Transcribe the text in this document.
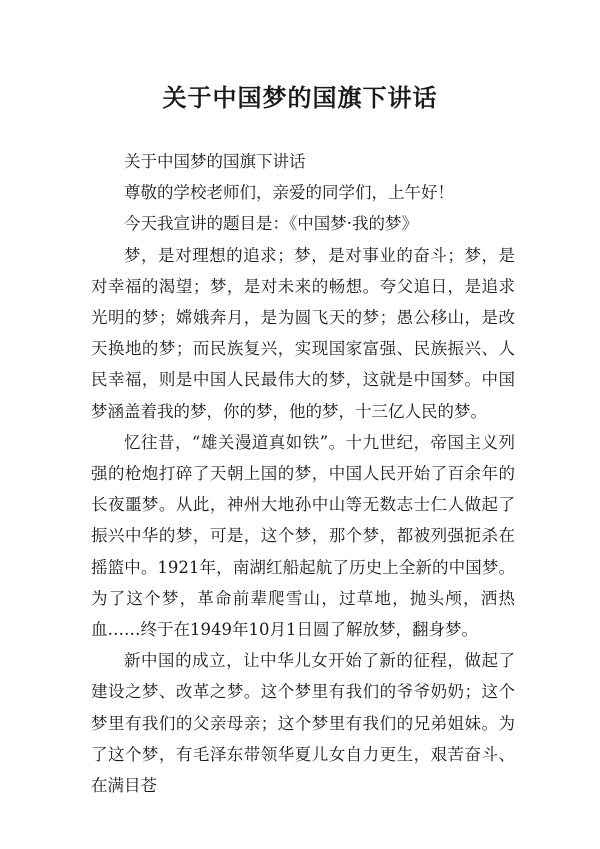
关于中国梦的国旗下讲话

关于中国梦的国旗下讲话

尊敬的学校老师们，亲爱的同学们，上午好！

今天我宣讲的题目是：《中国梦·我的梦》

梦，是对理想的追求；梦，是对事业的奋斗；梦，是对幸福的渴望；梦，是对未来的畅想。夸父追日，是追求光明的梦；嫦娥奔月，是为圆飞天的梦；愚公移山，是改天换地的梦；而民族复兴，实现国家富强、民族振兴、人民幸福，则是中国人民最伟大的梦，这就是中国梦。中国梦涵盖着我的梦，你的梦，他的梦，十三亿人民的梦。

忆往昔，“雄关漫道真如铁”。十九世纪，帝国主义列强的枪炮打碎了天朝上国的梦，中国人民开始了百余年的长夜噩梦。从此，神州大地孙中山等无数志士仁人做起了振兴中华的梦，可是，这个梦，那个梦，都被列强扼杀在摇篮中。1921年，南湖红船起航了历史上全新的中国梦。为了这个梦，革命前辈爬雪山，过草地，抛头颅，洒热血……终于在1949年10月1日圆了解放梦，翻身梦。

新中国的成立，让中华儿女开始了新的征程，做起了建设之梦、改革之梦。这个梦里有我们的爷爷奶奶；这个梦里有我们的父亲母亲；这个梦里有我们的兄弟姐妹。为了这个梦，有毛泽东带领华夏儿女自力更生，艰苦奋斗、在满目苍
